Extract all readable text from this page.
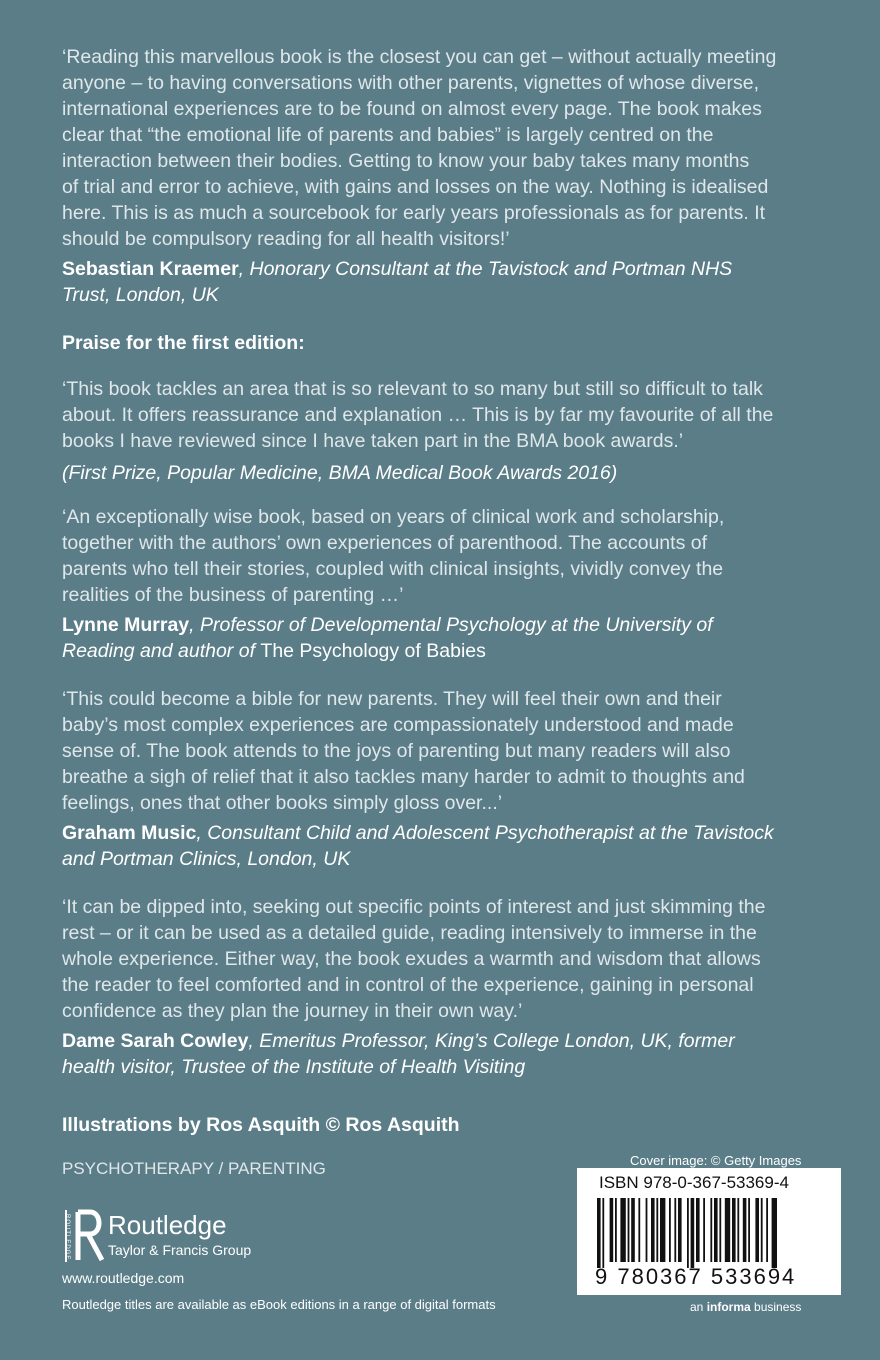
‘Reading this marvellous book is the closest you can get – without actually meeting
anyone – to having conversations with other parents, vignettes of whose diverse,
international experiences are to be found on almost every page. The book makes
clear that “the emotional life of parents and babies” is largely centred on the
interaction between their bodies. Getting to know your baby takes many months
of trial and error to achieve, with gains and losses on the way. Nothing is idealised
here. This is as much a sourcebook for early years professionals as for parents. It
should be compulsory reading for all health visitors!’

Sebastian Kraemer, Honorary Consultant at the Tavistock and Portman NHS
Trust, London, UK

Praise for the first edition:

‘This book tackles an area that is so relevant to so many but still so difficult to talk
about. It offers reassurance and explanation … This is by far my favourite of all the
books I have reviewed since I have taken part in the BMA book awards.’

(First Prize, Popular Medicine, BMA Medical Book Awards 2016)

‘An exceptionally wise book, based on years of clinical work and scholarship,
together with the authors’ own experiences of parenthood. The accounts of
parents who tell their stories, coupled with clinical insights, vividly convey the
realities of the business of parenting …’

Lynne Murray, Professor of Developmental Psychology at the University of
Reading and author of The Psychology of Babies

‘This could become a bible for new parents. They will feel their own and their
baby’s most complex experiences are compassionately understood and made
sense of. The book attends to the joys of parenting but many readers will also
breathe a sigh of relief that it also tackles many harder to admit to thoughts and
feelings, ones that other books simply gloss over...’

Graham Music, Consultant Child and Adolescent Psychotherapist at the Tavistock
and Portman Clinics, London, UK

‘It can be dipped into, seeking out specific points of interest and just skimming the
rest – or it can be used as a detailed guide, reading intensively to immerse in the
whole experience. Either way, the book exudes a warmth and wisdom that allows
the reader to feel comforted and in control of the experience, gaining in personal
confidence as they plan the journey in their own way.’

Dame Sarah Cowley, Emeritus Professor, King’s College London, UK, former
health visitor, Trustee of the Institute of Health Visiting

Illustrations by Ros Asquith © Ros Asquith

PSYCHOTHERAPY / PARENTING
ROUTLEDGE Routledge
Taylor & Francis Group
www.routledge.com
Routledge titles are available as eBook editions in a range of digital formats
Cover image: © Getty Images
ISBN 978-0-367-53369-4
9 780367 533694
an informa business
